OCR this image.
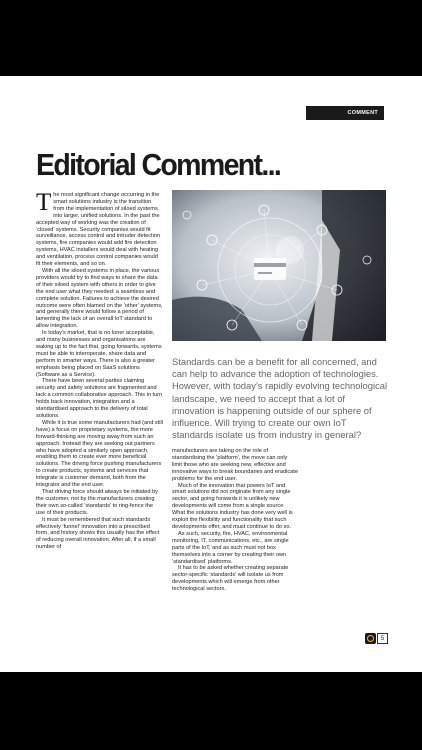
COMMENT
Editorial Comment...

The most significant change occurring in the smart solutions industry is the transition from the implementation of siloed systems into larger, unified solutions. In the past the accepted way of working was the creation of ‘closed’ systems. Security companies would fit surveillance, access control and intruder detection systems, fire companies would add fire detection systems, HVAC installers would deal with heating and ventilation, process control companies would fit their elements, and so on.

With all the siloed systems in place, the various providers would try to find ways to share the data of their siloed system with others in order to give the end user what they needed: a seamless and complete solution. Failures to achieve the desired outcome were often blamed on the ‘other’ systems, and generally there would follow a period of lamenting the lack of an overall IoT standard to allow integration.

In today’s market, that is no loner acceptable, and many businesses and organisations are waking up to the fact that, going forwards, systems must be able to interoperate, share data and perform in smarter ways. There is also a greater emphasis being placed on SaaS solutions (Software as a Service).

There have been several parties claiming security and safety solutions are fragmented and lack a common collaborative approach. This in turn holds back innovation, integration and a standardised approach to the delivery of total solutions.

While it is true some manufacturers had (and still have) a focus on proprietary systems, the more forward-thinking are moving away from such an approach. Instead they are seeking out partners who have adopted a similarly open approach, enabling them to create ever more beneficial solutions. The driving force pushing manufacturers to create products, systems and services that integrate is customer demand, both from the integrator and the end user.

That driving force should always be initiated by the customer, not by the manufacturers creating their own so-called ‘standards’ to ring-fence the use of their products.

It must be remembered that such standards effectively ‘funnel’ innovation into a prescribed form, and history shows this usually has the effect of reducing overall innovation. After all, if a small number of

Standards can be a benefit for all concerned, and can help to advance the adoption of technologies. However, with today’s rapidly evolving technological landscape, we need to accept that a lot of innovation is happening outside of our sphere of influence. Will trying to create our own IoT standards isolate us from industry in general?

manufacturers are taking on the role of standardising the ‘platform’, the move can only limit those who are seeking new, effective and innovative ways to break boundaries and eradicate problems for the end user.

Much of the innovation that powers IoT and smart solutions did not originate from any single sector, and going forwards it is unlikely new developments will come from a single source. What the solutions industry has done very well is exploit the flexibility and functionality that such developments offer, and must continue to do so.

As such, security, fire, HVAC, environmental monitoring, IT, communications, etc., are single parts of the IoT, and as such must not box themselves into a corner by creating their own ‘standardised’ platforms.

It has to be asked whether creating separate sector-specific ‘standards’ will isolate us from developments which will emerge from other technological sectors.

5
